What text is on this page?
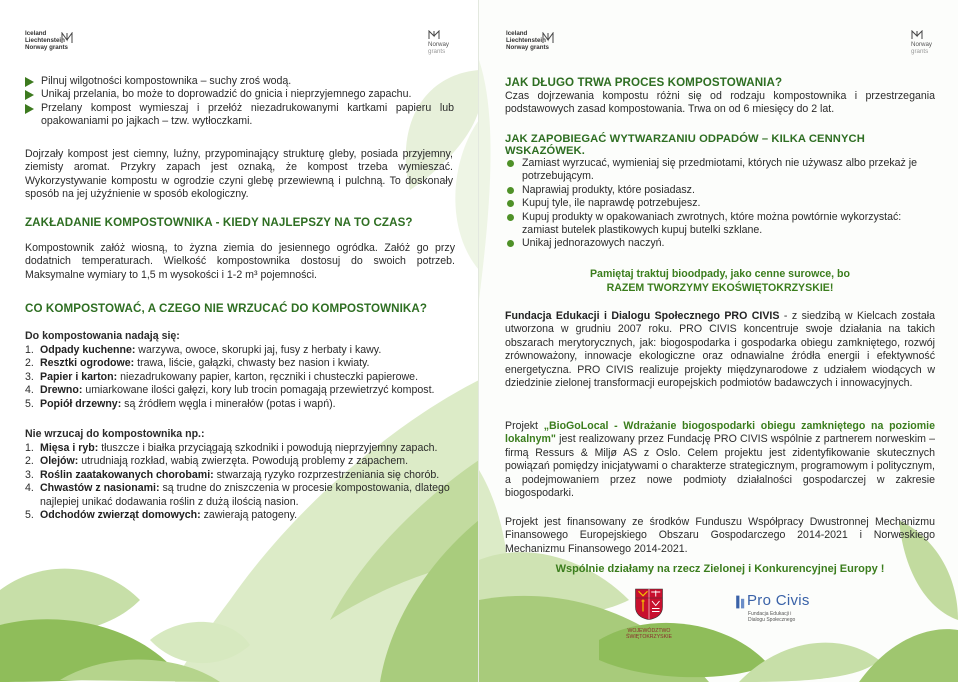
Iceland
Liechtenstein
Norway grants	Norway
grants
Pilnuj wilgotności kompostownika – suchy zroś wodą.
Unikaj przelania, bo może to doprowadzić do gnicia i nieprzyjemnego zapachu.
Przelany kompost wymieszaj i przełóż niezadrukowanymi kartkami papieru lub opakowaniami po jajkach – tzw. wytłoczkami.

Dojrzały kompost jest ciemny, luźny, przypominający strukturę gleby, posiada przyjemny, ziemisty aromat. Przykry zapach jest oznaką, że kompost trzeba wymieszać. Wykorzystywanie kompostu w ogrodzie czyni glebę przewiewną i pulchną. To doskonały sposób na jej użyźnienie w sposób ekologiczny.

ZAKŁADANIE KOMPOSTOWNIKA - KIEDY NAJLEPSZY NA TO CZAS?

Kompostownik załóż wiosną, to żyzna ziemia do jesiennego ogródka. Załóż go przy dodatnich temperaturach. Wielkość kompostownika dostosuj do swoich potrzeb. Maksymalne wymiary to 1,5 m wysokości i 1-2 m³ pojemności.

CO KOMPOSTOWAĆ, A CZEGO NIE WRZUCAĆ DO KOMPOSTOWNIKA?

Do kompostowania nadają się:

1. Odpady kuchenne: warzywa, owoce, skorupki jaj, fusy z herbaty i kawy.
2. Resztki ogrodowe: trawa, liście, gałązki, chwasty bez nasion i kwiaty.
3. Papier i karton: niezadrukowany papier, karton, ręczniki i chusteczki papierowe.
4. Drewno: umiarkowane ilości gałęzi, kory lub trocin pomagają przewietrzyć kompost.
5. Popiół drzewny: są źródłem węgla i minerałów (potas i wapń).

Nie wrzucaj do kompostownika np.:

1. Mięsa i ryb: tłuszcze i białka przyciągają szkodniki i powodują nieprzyjemny zapach.
2. Olejów: utrudniają rozkład, wabią zwierzęta. Powodują problemy z zapachem.
3. Roślin zaatakowanych chorobami: stwarzają ryzyko rozprzestrzeniania się chorób.
4. Chwastów z nasionami: są trudne do zniszczenia w procesie kompostowania, dlatego najlepiej unikać dodawania roślin z dużą ilością nasion.
5. Odchodów zwierząt domowych: zawierają patogeny.
Iceland
Liechtenstein
Norway grants	Norway
grants
JAK DŁUGO TRWA PROCES KOMPOSTOWANIA?

Czas dojrzewania kompostu różni się od rodzaju kompostownika i przestrzegania podstawowych zasad kompostowania. Trwa on od 6 miesięcy do 2 lat.

JAK ZAPOBIEGAĆ WYTWARZANIU ODPADÓW – KILKA CENNYCH WSKAZÓWEK.
Zamiast wyrzucać, wymieniaj się przedmiotami, których nie używasz albo przekaż je potrzebującym.
Naprawiaj produkty, które posiadasz.
Kupuj tyle, ile naprawdę potrzebujesz.
Kupuj produkty w opakowaniach zwrotnych, które można powtórnie wykorzystać: zamiast butelek plastikowych kupuj butelki szklane.
Unikaj jednorazowych naczyń.

Pamiętaj traktuj bioodpady, jako cenne surowce, bo

RAZEM TWORZYMY EKOŚWIĘTOKRZYSKIE!

Fundacja Edukacji i Dialogu Społecznego PRO CIVIS - z siedzibą w Kielcach została utworzona w grudniu 2007 roku. PRO CIVIS koncentruje swoje działania na takich obszarach merytorycznych, jak: biogospodarka i gospodarka obiegu zamkniętego, rozwój zrównoważony, innowacje ekologiczne oraz odnawialne źródła energii i efektywność energetyczna. PRO CIVIS realizuje projekty międzynarodowe z udziałem wiodących w dziedzinie zielonej transformacji europejskich podmiotów badawczych i innowacyjnych.

Projekt „BioGoLocal - Wdrażanie biogospodarki obiegu zamkniętego na poziomie lokalnym" jest realizowany przez Fundację PRO CIVIS wspólnie z partnerem norweskim – firmą Ressurs & Miljø AS z Oslo. Celem projektu jest zidentyfikowanie skutecznych powiązań pomiędzy inicjatywami o charakterze strategicznym, programowym i politycznym, a podejmowaniem przez nowe podmioty działalności gospodarczej w zakresie biogospodarki.

Projekt jest finansowany ze środków Funduszu Współpracy Dwustronnej Mechanizmu Finansowego Europejskiego Obszaru Gospodarczego 2014-2021 i Norweskiego Mechanizmu Finansowego 2014-2021.

Wspólnie działamy na rzecz Zielonej i Konkurencyjnej Europy !

WOJEWÓDZTWO
ŚWIĘTOKRZYSKIE
Pro Civis
Fundacja Edukacji i
Dialogu Społecznego
